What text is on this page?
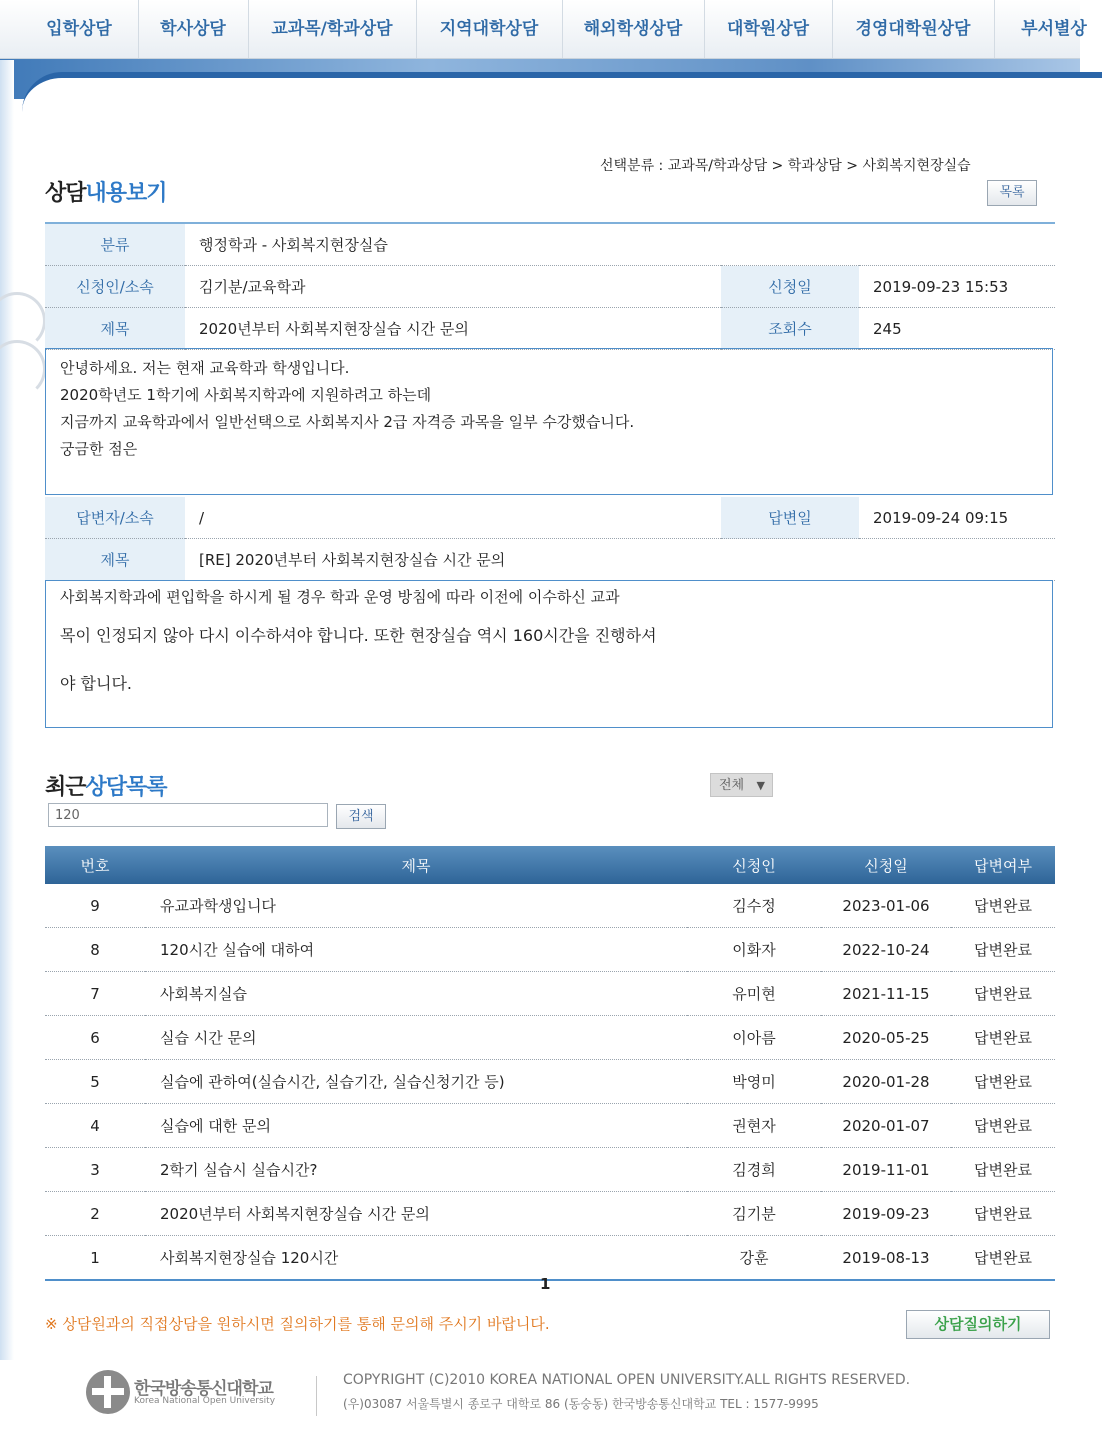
입학상담	학사상담	교과목/학과상담	지역대학상담	해외학생상담	대학원상담	경영대학원상담	부서별상
선택분류 : 교과목/학과상담 > 학과상담 > 사회복지현장실습
상담내용보기	목록
분류	행정학과 - 사회복지현장실습		
신청인/소속	김기분/교육학과	신청일	2019-09-23 15:53
제목	2020년부터 사회복지현장실습 시간 문의	조회수	245

안녕하세요. 저는 현재 교육학과 학생입니다.

2020학년도 1학기에 사회복지학과에 지원하려고 하는데

지금까지 교육학과에서 일반선택으로 사회복지사 2급 자격증 과목을 일부 수강했습니다.

궁금한 점은

답변자/소속	/	답변일	2019-09-24 09:15
제목	[RE] 2020년부터 사회복지현장실습 시간 문의		

사회복지학과에 편입학을 하시게 될 경우 학과 운영 방침에 따라 이전에 이수하신 교과

목이 인정되지 않아 다시 이수하셔야 합니다. 또한 현장실습 역시 160시간을 진행하셔

야 합니다.

최근상담목록	전체 ▼
120	검색
번호	제목	신청인	신청일	답변여부
9	유교과학생입니다	김수정	2023-01-06	답변완료
8	120시간 실습에 대하여	이화자	2022-10-24	답변완료
7	사회복지실습	유미현	2021-11-15	답변완료
6	실습 시간 문의	이아름	2020-05-25	답변완료
5	실습에 관하여(실습시간, 실습기간, 실습신청기간 등)	박영미	2020-01-28	답변완료
4	실습에 대한 문의	권현자	2020-01-07	답변완료
3	2학기 실습시 실습시간?	김경희	2019-11-01	답변완료
2	2020년부터 사회복지현장실습 시간 문의	김기분	2019-09-23	답변완료
1	사회복지현장실습 120시간	강훈	2019-08-13	답변완료
1
※ 상담원과의 직접상담을 원하시면 질의하기를 통해 문의해 주시기 바랍니다.	상담질의하기
한국방송통신대학교
Korea National Open University
COPYRIGHT (C)2010 KOREA NATIONAL OPEN UNIVERSITY.ALL RIGHTS RESERVED.
(우)03087 서울특별시 종로구 대학로 86 (동숭동) 한국방송통신대학교 TEL : 1577-9995
